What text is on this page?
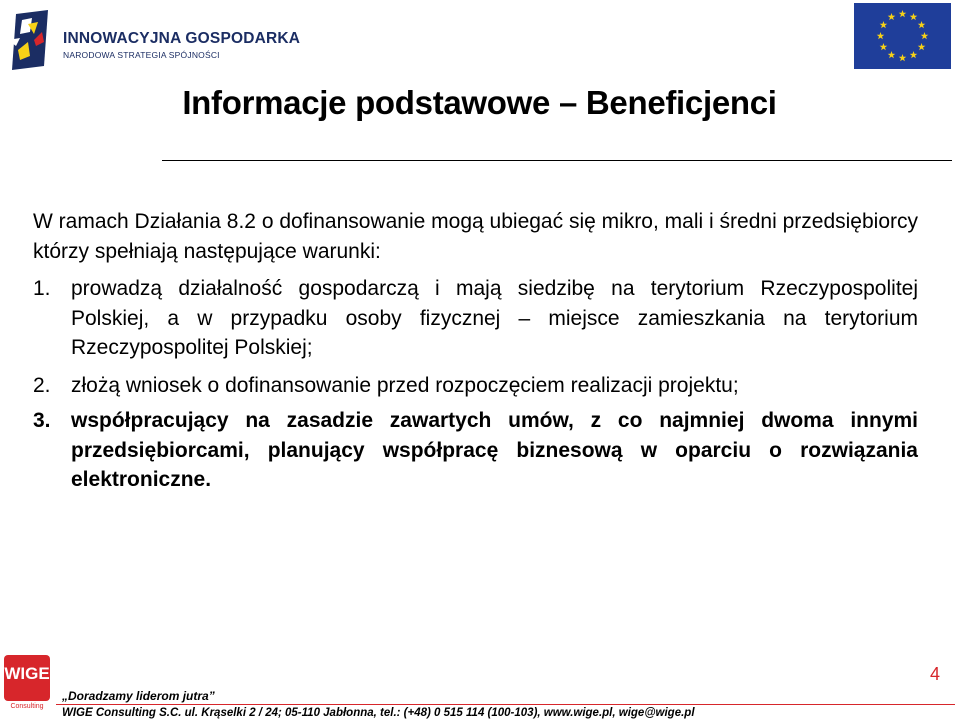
INNOWACYJNA GOSPODARKA
NARODOWA STRATEGIA SPÓJNOŚCI
Informacje podstawowe – Beneficjenci
W ramach Działania 8.2 o dofinansowanie mogą ubiegać się mikro, mali i średni przedsiębiorcy którzy spełniają następujące warunki:
1. prowadzą działalność gospodarczą i mają siedzibę na terytorium Rzeczypospolitej Polskiej, a w przypadku osoby fizycznej – miejsce zamieszkania na terytorium Rzeczypospolitej Polskiej;
2. złożą wniosek o dofinansowanie przed rozpoczęciem realizacji projektu;
3. współpracujący na zasadzie zawartych umów, z co najmniej dwoma innymi przedsiębiorcami, planujący współpracę biznesową w oparciu o rozwiązania elektroniczne.
WIGE
Consulting
„Doradzamy liderom jutra”
WIGE Consulting S.C. ul. Krąselki 2 / 24; 05-110 Jabłonna, tel.: (+48) 0 515 114 (100-103), www.wige.pl, wige@wige.pl
4
